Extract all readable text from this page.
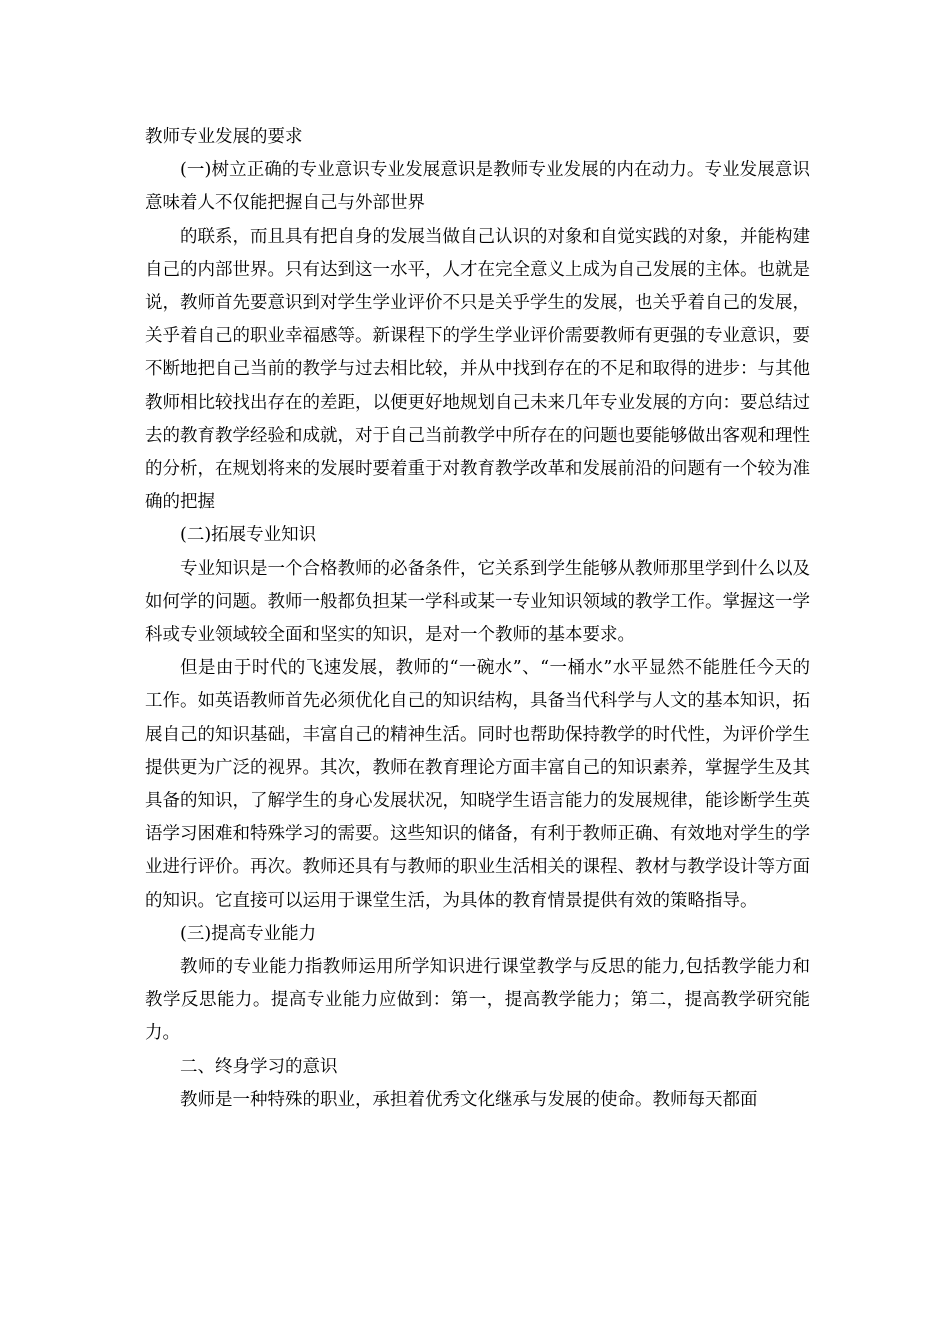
教师专业发展的要求

(一)树立正确的专业意识专业发展意识是教师专业发展的内在动力。专业发展意识意味着人不仅能把握自己与外部世界

的联系，而且具有把自身的发展当做自己认识的对象和自觉实践的对象，并能构建自己的内部世界。只有达到这一水平，人才在完全意义上成为自己发展的主体。也就是说，教师首先要意识到对学生学业评价不只是关乎学生的发展，也关乎着自己的发展，关乎着自己的职业幸福感等。新课程下的学生学业评价需要教师有更强的专业意识，要不断地把自己当前的教学与过去相比较，并从中找到存在的不足和取得的进步：与其他教师相比较找出存在的差距，以便更好地规划自己未来几年专业发展的方向：要总结过去的教育教学经验和成就，对于自己当前教学中所存在的问题也要能够做出客观和理性的分析，在规划将来的发展时要着重于对教育教学改革和发展前沿的问题有一个较为准确的把握

(二)拓展专业知识

专业知识是一个合格教师的必备条件，它关系到学生能够从教师那里学到什么以及如何学的问题。教师一般都负担某一学科或某一专业知识领域的教学工作。掌握这一学科或专业领域较全面和坚实的知识，是对一个教师的基本要求。

但是由于时代的飞速发展，教师的“一碗水”、“一桶水”水平显然不能胜任今天的工作。如英语教师首先必须优化自己的知识结构，具备当代科学与人文的基本知识，拓展自己的知识基础，丰富自己的精神生活。同时也帮助保持教学的时代性，为评价学生提供更为广泛的视界。其次，教师在教育理论方面丰富自己的知识素养，掌握学生及其具备的知识，了解学生的身心发展状况，知晓学生语言能力的发展规律，能诊断学生英语学习困难和特殊学习的需要。这些知识的储备，有利于教师正确、有效地对学生的学业进行评价。再次。教师还具有与教师的职业生活相关的课程、教材与教学设计等方面的知识。它直接可以运用于课堂生活，为具体的教育情景提供有效的策略指导。

(三)提高专业能力

教师的专业能力指教师运用所学知识进行课堂教学与反思的能力,包括教学能力和教学反思能力。提高专业能力应做到：第一，提高教学能力；第二，提高教学研究能力。

二、终身学习的意识

教师是一种特殊的职业，承担着优秀文化继承与发展的使命。教师每天都面
